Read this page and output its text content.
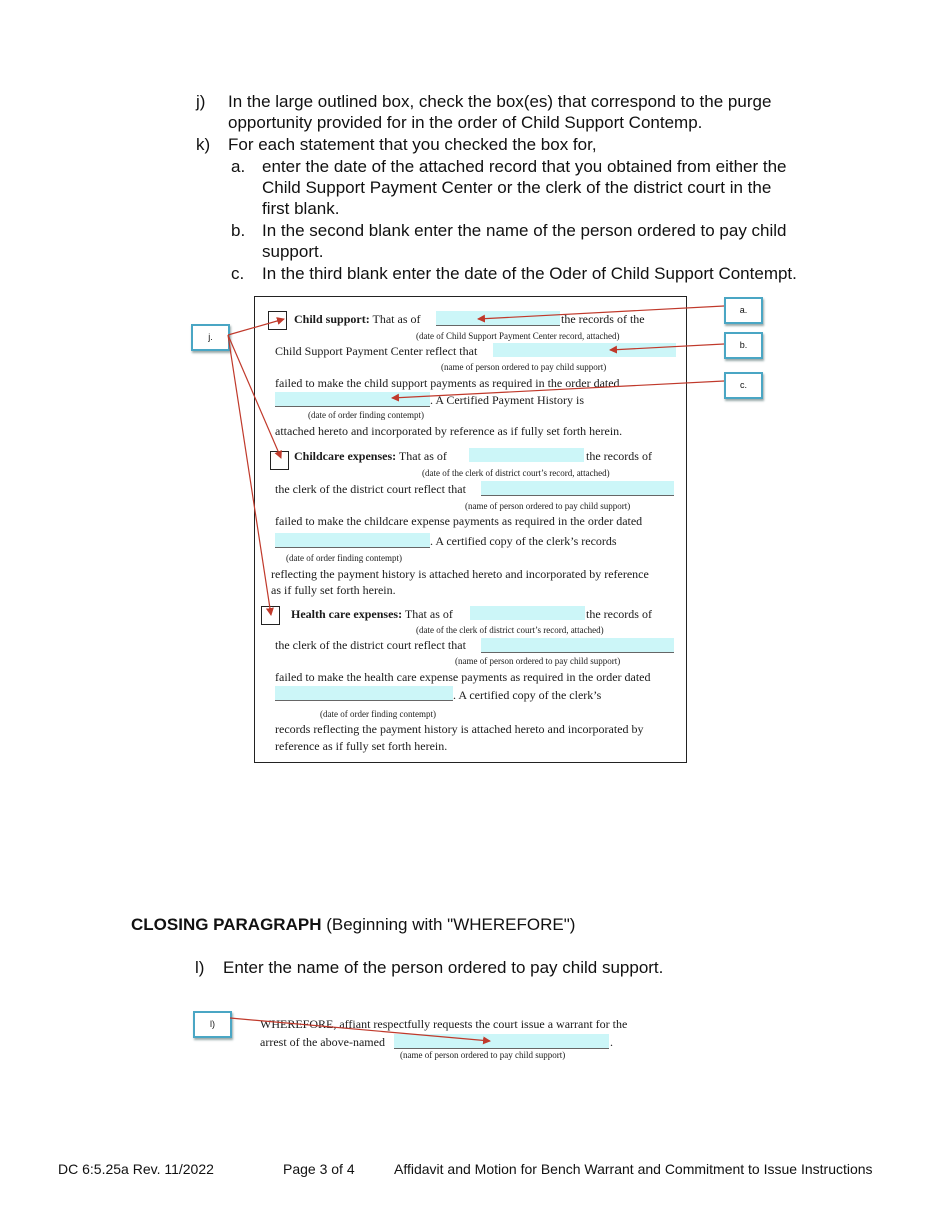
j) In the large outlined box, check the box(es) that correspond to the purge
opportunity provided for in the order of Child Support Contemp.
k) For each statement that you checked the box for,
a. enter the date of the attached record that you obtained from either the
Child Support Payment Center or the clerk of the district court in the
first blank.
b. In the second blank enter the name of the person ordered to pay child
support.
c. In the third blank enter the date of the Oder of Child Support Contempt.
Child support: That as of	the records of the
(date of Child Support Payment Center record, attached)
Child Support Payment Center reflect that
(name of person ordered to pay child support)
failed to make the child support payments as required in the order dated
. A Certified Payment History is
(date of order finding contempt)
attached hereto and incorporated by reference as if fully set forth herein.
Childcare expenses: That as of	the records of
(date of the clerk of district court’s record, attached)
the clerk of the district court reflect that
(name of person ordered to pay child support)
failed to make the childcare expense payments as required in the order dated
. A certified copy of the clerk’s records
(date of order finding contempt)
reflecting the payment history is attached hereto and incorporated by reference
as if fully set forth herein.
Health care expenses: That as of	the records of
(date of the clerk of district court’s record, attached)
the clerk of the district court reflect that
(name of person ordered to pay child support)
failed to make the health care expense payments as required in the order dated
. A certified copy of the clerk’s
(date of order finding contempt)
records reflecting the payment history is attached hereto and incorporated by
reference as if fully set forth herein.
j.
a.
b.
c.
CLOSING PARAGRAPH (Beginning with "WHEREFORE")
l) Enter the name of the person ordered to pay child support.
WHEREFORE, affiant respectfully requests the court issue a warrant for the
arrest of the above-named	.
(name of person ordered to pay child support)
l)
DC 6:5.25a Rev. 11/2022	Page 3 of 4	Affidavit and Motion for Bench Warrant and Commitment to Issue Instructions
